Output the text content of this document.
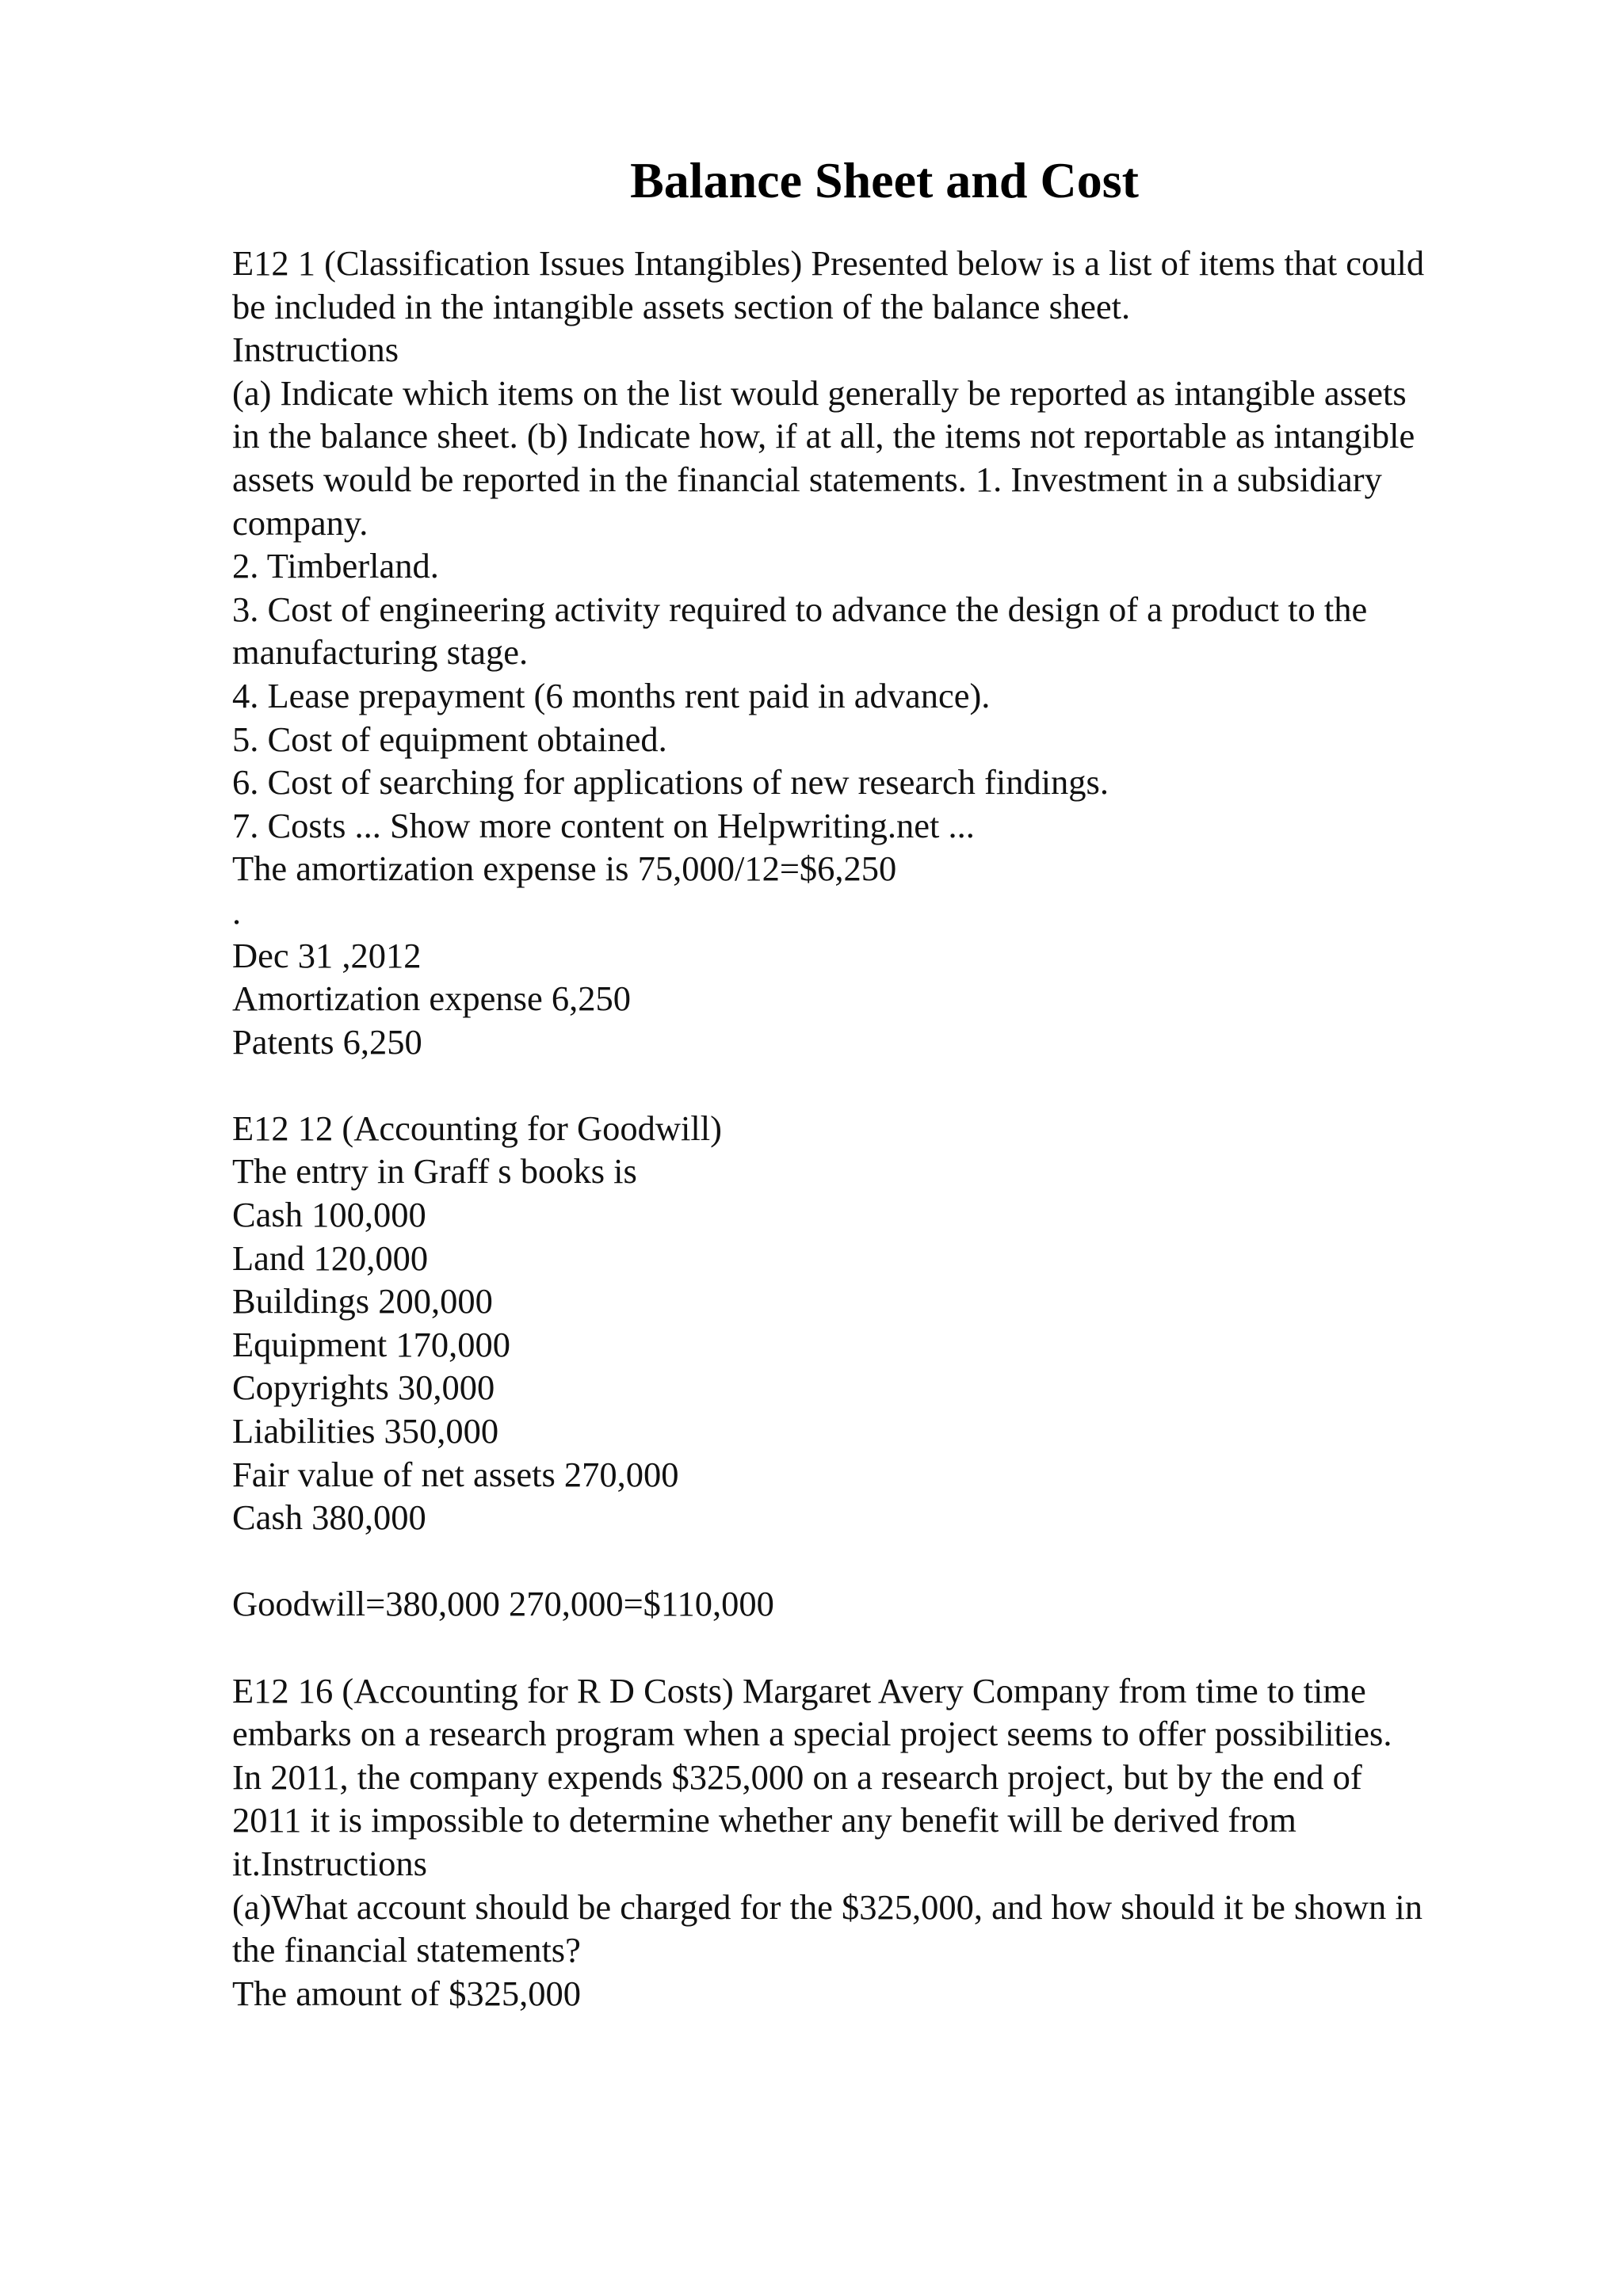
Balance Sheet and Cost
E12 1 (Classification Issues Intangibles) Presented below is a list of items that could
be included in the intangible assets section of the balance sheet.
Instructions
(a) Indicate which items on the list would generally be reported as intangible assets
in the balance sheet. (b) Indicate how, if at all, the items not reportable as intangible
assets would be reported in the financial statements. 1. Investment in a subsidiary
company.
2. Timberland.
3. Cost of engineering activity required to advance the design of a product to the
manufacturing stage.
4. Lease prepayment (6 months rent paid in advance).
5. Cost of equipment obtained.
6. Cost of searching for applications of new research findings.
7. Costs ... Show more content on Helpwriting.net ...
The amortization expense is 75,000/12=$6,250
.
Dec 31 ,2012
Amortization expense 6,250
Patents 6,250
E12 12 (Accounting for Goodwill)
The entry in Graff s books is
Cash 100,000
Land 120,000
Buildings 200,000
Equipment 170,000
Copyrights 30,000
Liabilities 350,000
Fair value of net assets 270,000
Cash 380,000
Goodwill=380,000 270,000=$110,000
E12 16 (Accounting for R D Costs) Margaret Avery Company from time to time
embarks on a research program when a special project seems to offer possibilities.
In 2011, the company expends $325,000 on a research project, but by the end of
2011 it is impossible to determine whether any benefit will be derived from
it.Instructions
(a)What account should be charged for the $325,000, and how should it be shown in
the financial statements?
The amount of $325,000
